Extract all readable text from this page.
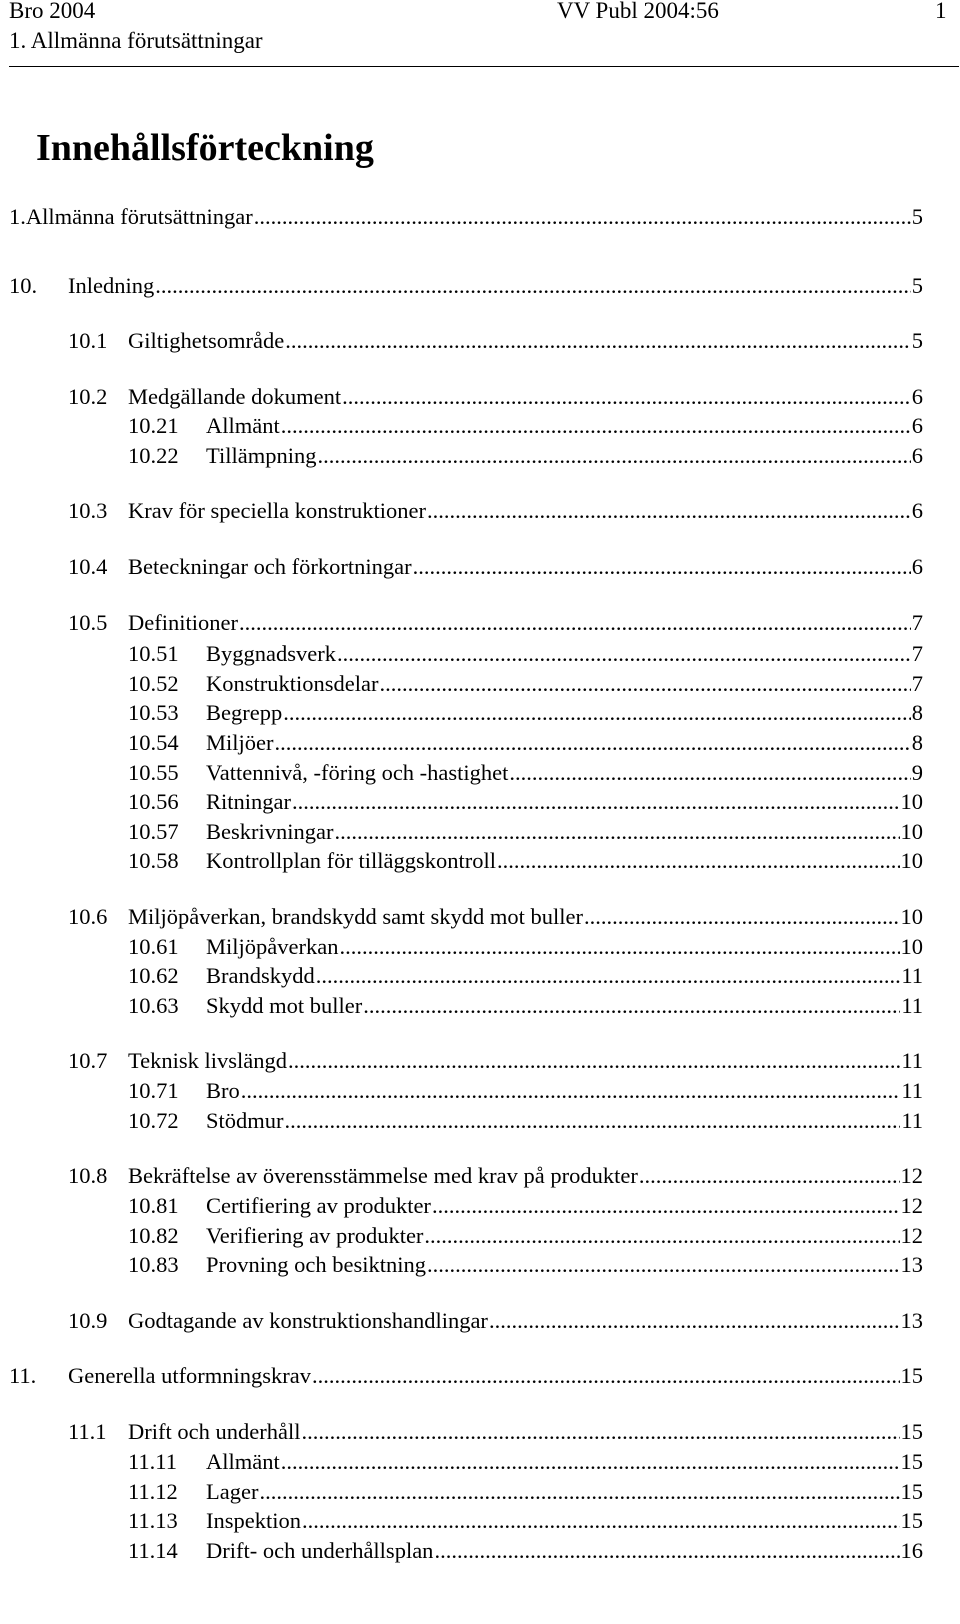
Bro 2004	VV Publ 2004:56	1
1. Allmänna förutsättningar
Innehållsförteckning
1.Allmänna förutsättningar .....	5
10.	Inledning .....	5
10.1 Giltighetsområde .....	5
10.2 Medgällande dokument .....	6
10.21	Allmänt .....	6
10.22	Tillämpning .....	6
10.3 Krav för speciella konstruktioner .....	6
10.4 Beteckningar och förkortningar .....	6
10.5 Definitioner .....	7
10.51	Byggnadsverk .....	7
10.52	Konstruktionsdelar .....	7
10.53	Begrepp .....	8
10.54	Miljöer .....	8
10.55	Vattennivå, -föring och -hastighet .....	9
10.56	Ritningar .....	10
10.57	Beskrivningar .....	10
10.58	Kontrollplan för tilläggskontroll .....	10
10.6 Miljöpåverkan, brandskydd samt skydd mot buller .....	10
10.61	Miljöpåverkan .....	10
10.62	Brandskydd .....	11
10.63	Skydd mot buller .....	11
10.7 Teknisk livslängd .....	11
10.71	Bro .....	11
10.72	Stödmur .....	11
10.8 Bekräftelse av överensstämmelse med krav på produkter .....	12
10.81	Certifiering av produkter .....	12
10.82	Verifiering av produkter .....	12
10.83	Provning och besiktning .....	13
10.9 Godtagande av konstruktionshandlingar .....	13
11.	Generella utformningskrav .....	15
11.1 Drift och underhåll .....	15
11.11	Allmänt .....	15
11.12	Lager .....	15
11.13	Inspektion .....	15
11.14	Drift- och underhållsplan .....	16
